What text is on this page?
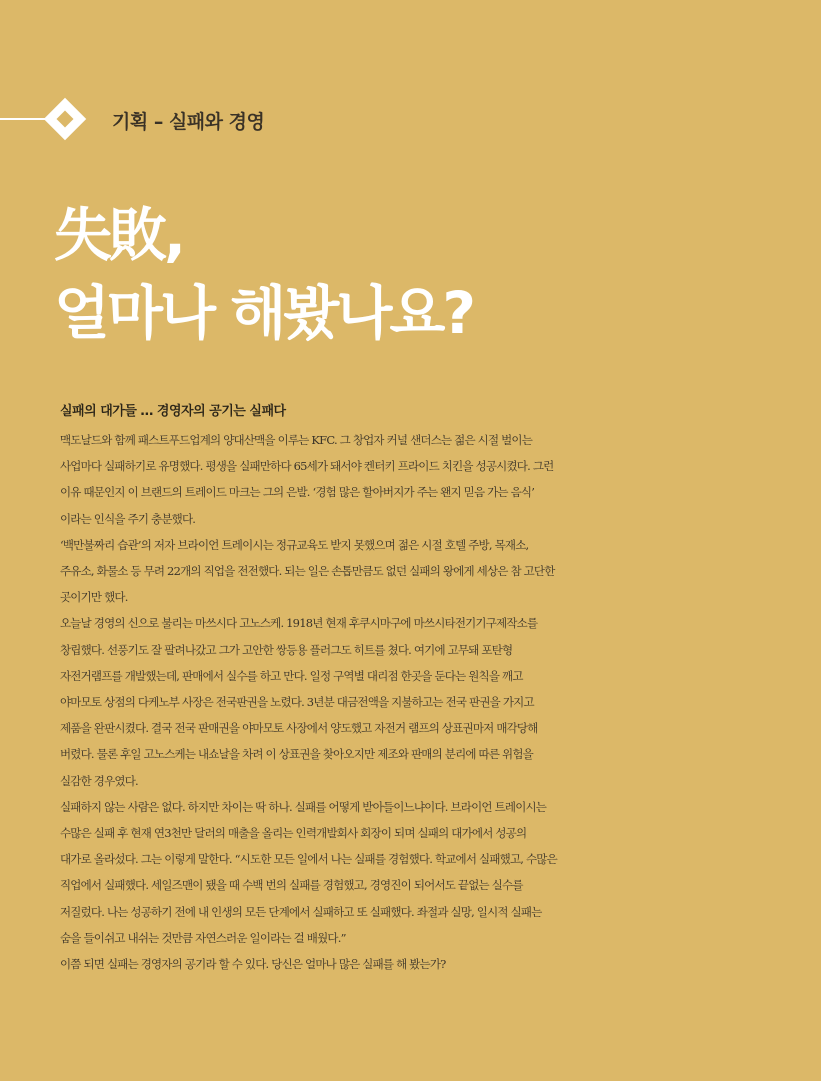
기획 – 실패와 경영
失敗,
얼마나 해봤나요?
실패의 대가들 … 경영자의 공기는 실패다

맥도날드와 함께 패스트푸드업계의 양대산맥을 이루는 KFC. 그 창업자 커널 샌더스는 젊은 시절 벌이는

사업마다 실패하기로 유명했다. 평생을 실패만하다 65세가 돼서야 켄터키 프라이드 치킨을 성공시켰다. 그런

이유 때문인지 이 브랜드의 트레이드 마크는 그의 은발. ‘경험 많은 할아버지가 주는 왠지 믿음 가는 음식’

이라는 인식을 주기 충분했다.

‘백만불짜리 습관’의 저자 브라이언 트레이시는 정규교육도 받지 못했으며 젊은 시절 호텔 주방, 목재소,

주유소, 화물소 등 무려 22개의 직업을 전전했다. 되는 일은 손톱만큼도 없던 실패의 왕에게 세상은 참 고단한

곳이기만 했다.

오늘날 경영의 신으로 불리는 마쓰시다 고노스케. 1918년 현재 후쿠시마구에 마쓰시타전기기구제작소를

창립했다. 선풍기도 잘 팔려나갔고 그가 고안한 쌍등용 플러그도 히트를 쳤다. 여기에 고무돼 포탄형

자전거램프를 개발했는데, 판매에서 실수를 하고 만다. 일정 구역별 대리점 한곳을 둔다는 원칙을 깨고

야마모토 상점의 다케노부 사장은 전국판권을 노렸다. 3년분 대금전액을 지불하고는 전국 판권을 가지고

제품을 완판시켰다. 결국 전국 판매권을 야마모토 사장에서 양도했고 자전거 램프의 상표권마저 매각당해

버렸다. 물론 후일 고노스케는 내쇼날을 차려 이 상표권을 찾아오지만 제조와 판매의 분리에 따른 위험을

실감한 경우였다.

실패하지 않는 사람은 없다. 하지만 차이는 딱 하나. 실패를 어떻게 받아들이느냐이다. 브라이언 트레이시는

수많은 실패 후 현재 연3천만 달러의 매출을 올리는 인력개발회사 회장이 되며 실패의 대가에서 성공의

대가로 올라섰다. 그는 이렇게 말한다. “시도한 모든 일에서 나는 실패를 경험했다. 학교에서 실패했고, 수많은

직업에서 실패했다. 세일즈맨이 됐을 때 수백 번의 실패를 경험했고, 경영진이 되어서도 끝없는 실수를

저질렀다. 나는 성공하기 전에 내 인생의 모든 단계에서 실패하고 또 실패했다. 좌절과 실망, 일시적 실패는

숨을 들이쉬고 내쉬는 것만큼 자연스러운 일이라는 걸 배웠다.”

이쯤 되면 실패는 경영자의 공기라 할 수 있다. 당신은 얼마나 많은 실패를 해 봤는가?
